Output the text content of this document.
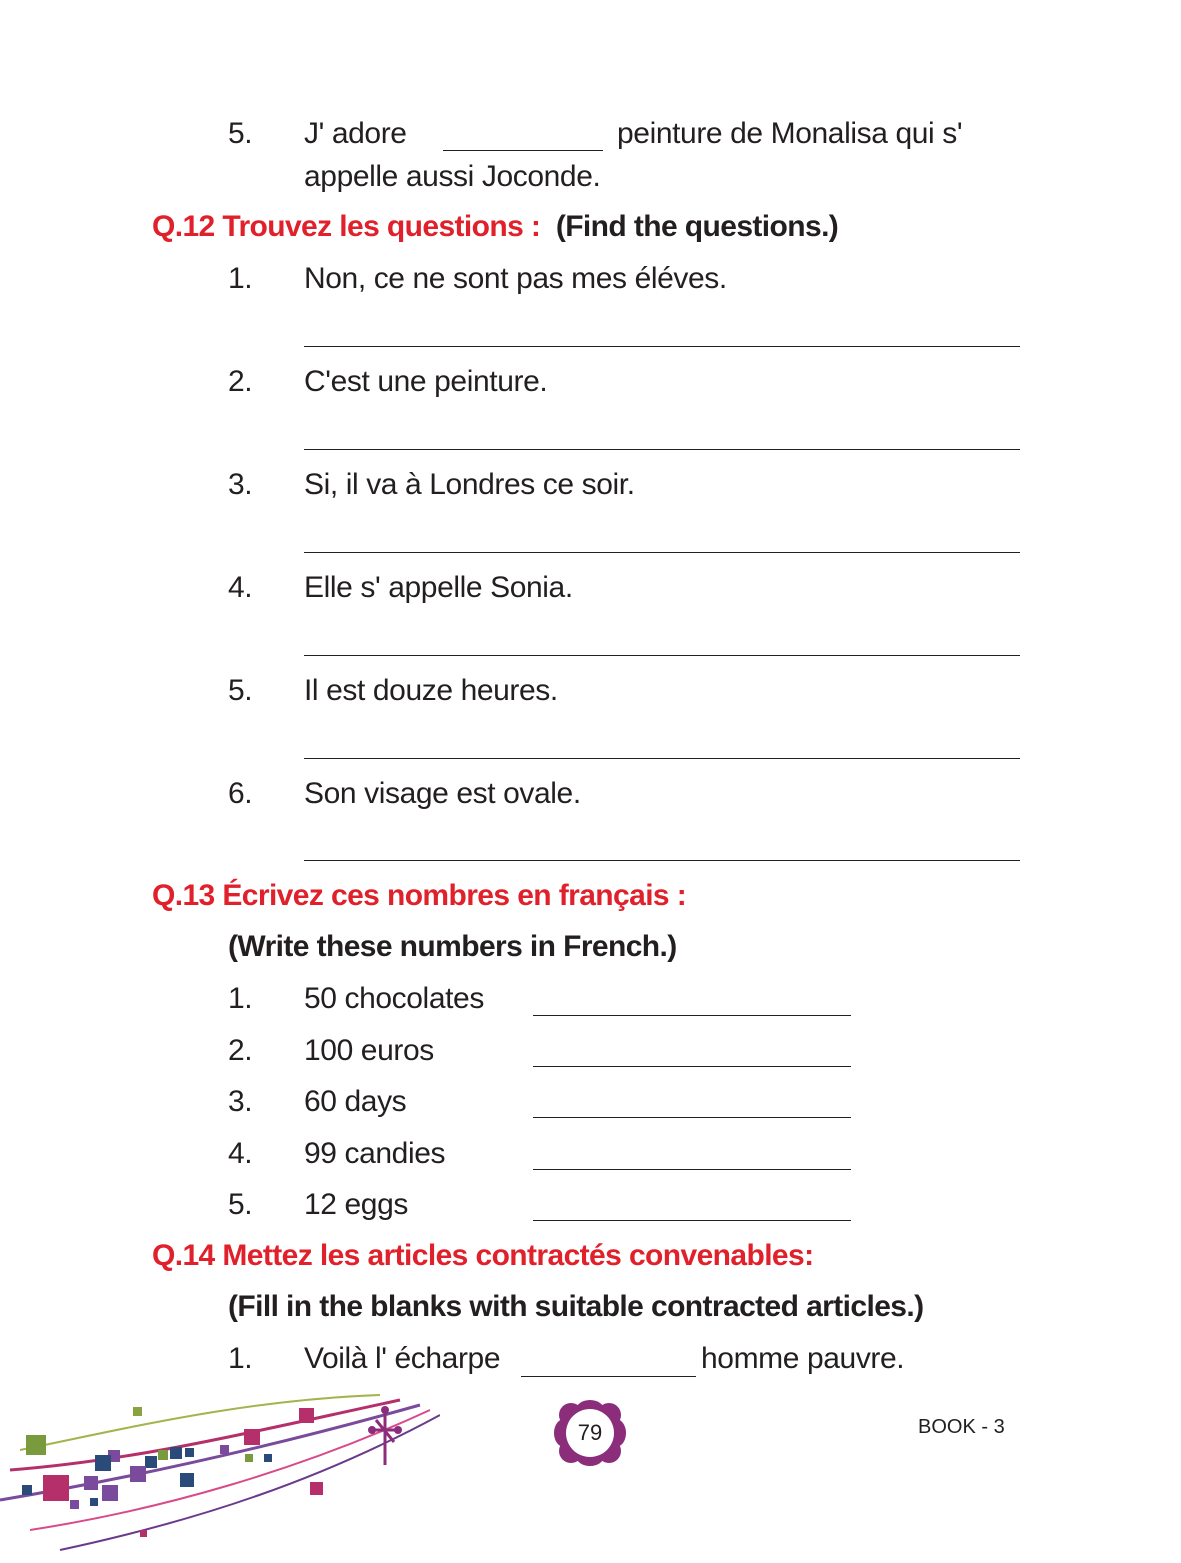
5. J' adore	peinture de Monalisa qui s'
appelle aussi Joconde.
Q.12 Trouvez les questions : (Find the questions.)
1. Non, ce ne sont pas mes éléves.
2. C'est une peinture.
3. Si, il va à Londres ce soir.
4. Elle s' appelle Sonia.
5. Il est douze heures.
6. Son visage est ovale.
Q.13 Écrivez ces nombres en français :
(Write these numbers in French.)
1. 50 chocolates
2. 100 euros
3. 60 days
4. 99 candies
5. 12 eggs
Q.14 Mettez les articles contractés convenables:
(Fill in the blanks with suitable contracted articles.)
1. Voilà l' écharpe	homme pauvre.
79	BOOK - 3
